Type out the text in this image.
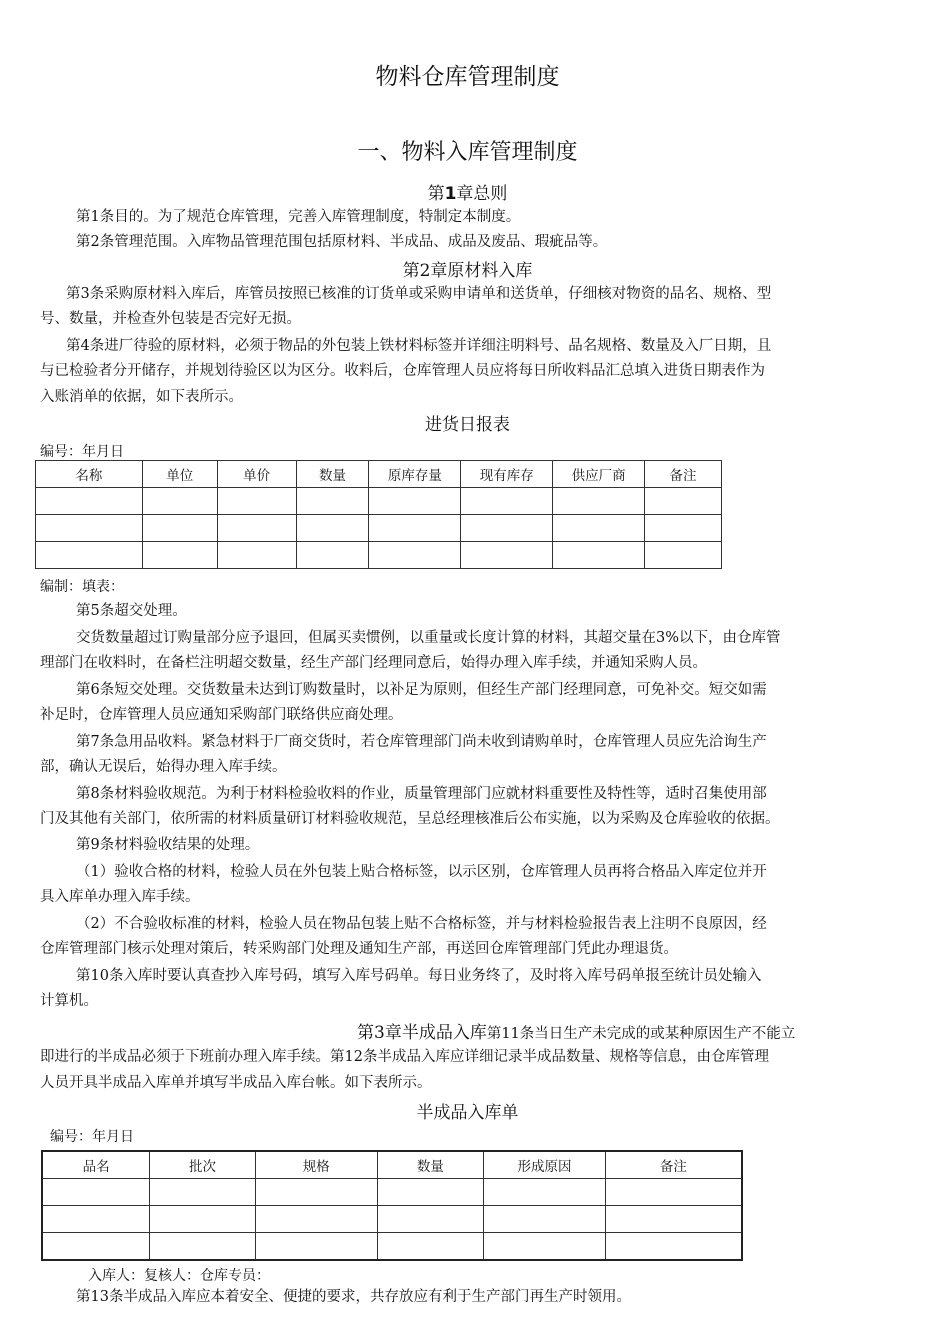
物料仓库管理制度
一、物料入库管理制度
第1章总则
第1条目的。为了规范仓库管理，完善入库管理制度，特制定本制度。
第2条管理范围。入库物品管理范围包括原材料、半成品、成品及废品、瑕疵品等。
第2章原材料入库
第3条采购原材料入库后，库管员按照已核准的订货单或采购申请单和送货单，仔细核对物资的品名、规格、型
号、数量，并检查外包装是否完好无损。
第4条进厂待验的原材料，必须于物品的外包装上铁材料标签并详细注明料号、品名规格、数量及入厂日期，且
与已检验者分开储存，并规划待验区以为区分。收料后，仓库管理人员应将每日所收料品汇总填入进货日期表作为
入账消单的依据，如下表所示。
进货日报表
编号：年月日
名称	单位	单价	数量	原库存量	现有库存	供应厂商	备注

编制：填表：
第5条超交处理。
交货数量超过订购量部分应予退回，但属买卖惯例，以重量或长度计算的材料，其超交量在3%以下，由仓库管
理部门在收料时，在备栏注明超交数量，经生产部门经理同意后，始得办理入库手续，并通知采购人员。
第6条短交处理。交货数量未达到订购数量时，以补足为原则，但经生产部门经理同意，可免补交。短交如需
补足时，仓库管理人员应通知采购部门联络供应商处理。
第7条急用品收料。紧急材料于厂商交货时，若仓库管理部门尚未收到请购单时，仓库管理人员应先洽询生产
部，确认无误后，始得办理入库手续。
第8条材料验收规范。为利于材料检验收料的作业，质量管理部门应就材料重要性及特性等，适时召集使用部
门及其他有关部门，依所需的材料质量研订材料验收规范，呈总经理核准后公布实施，以为采购及仓库验收的依据。
第9条材料验收结果的处理。
（1）验收合格的材料，检验人员在外包装上贴合格标签，以示区别，仓库管理人员再将合格品入库定位并开
具入库单办理入库手续。
（2）不合验收标准的材料，检验人员在物品包装上贴不合格标签，并与材料检验报告表上注明不良原因，经
仓库管理部门核示处理对策后，转采购部门处理及通知生产部，再送回仓库管理部门凭此办理退货。
第10条入库时要认真查抄入库号码，填写入库号码单。每日业务终了，及时将入库号码单报至统计员处输入
计算机。
第3章半成品入库第11条当日生产未完成的或某种原因生产不能立
即进行的半成品必须于下班前办理入库手续。第12条半成品入库应详细记录半成品数量、规格等信息，由仓库管理
人员开具半成品入库单并填写半成品入库台帐。如下表所示。
半成品入库单
编号：年月日
品名	批次	规格	数量	形成原因	备注

入库人：复核人：仓库专员：
第13条半成品入库应本着安全、便捷的要求，共存放应有利于生产部门再生产时领用。
